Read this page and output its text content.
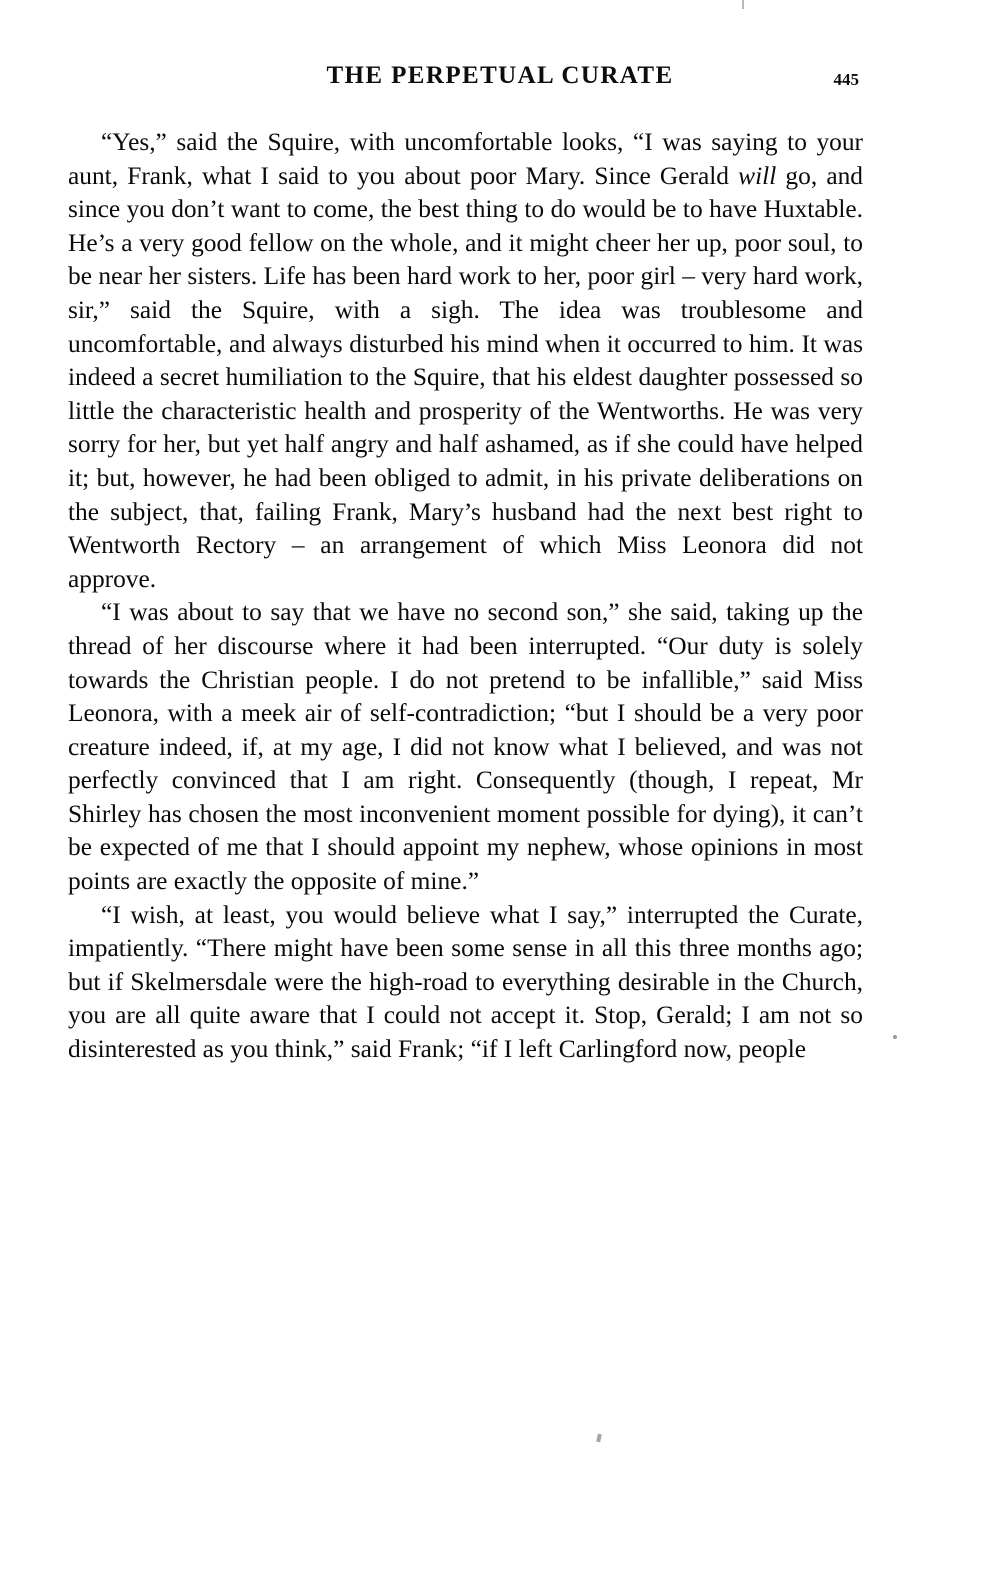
THE PERPETUAL CURATE	445

“Yes,” said the Squire, with uncomfortable looks, “I was saying to your aunt, Frank, what I said to you about poor Mary. Since Gerald will go, and since you don’t want to come, the best thing to do would be to have Huxtable. He’s a very good fellow on the whole, and it might cheer her up, poor soul, to be near her sisters. Life has been hard work to her, poor girl – very hard work, sir,” said the Squire, with a sigh. The idea was troublesome and uncomfortable, and always disturbed his mind when it occurred to him. It was indeed a secret humiliation to the Squire, that his eldest daughter possessed so little the characteristic health and prosperity of the Wentworths. He was very sorry for her, but yet half angry and half ashamed, as if she could have helped it; but, however, he had been obliged to admit, in his private deliberations on the subject, that, failing Frank, Mary’s husband had the next best right to Wentworth Rectory – an arrangement of which Miss Leonora did not approve.

“I was about to say that we have no second son,” she said, taking up the thread of her discourse where it had been interrupted. “Our duty is solely towards the Christian people. I do not pretend to be infallible,” said Miss Leonora, with a meek air of self-contradiction; “but I should be a very poor creature indeed, if, at my age, I did not know what I believed, and was not perfectly convinced that I am right. Consequently (though, I repeat, Mr Shirley has chosen the most inconvenient moment possible for dying), it can’t be expected of me that I should appoint my nephew, whose opinions in most points are exactly the opposite of mine.”

“I wish, at least, you would believe what I say,” interrupted the Curate, impatiently. “There might have been some sense in all this three months ago; but if Skelmersdale were the high-road to everything desirable in the Church, you are all quite aware that I could not accept it. Stop, Gerald; I am not so disinterested as you think,” said Frank; “if I left Carlingford now, people
